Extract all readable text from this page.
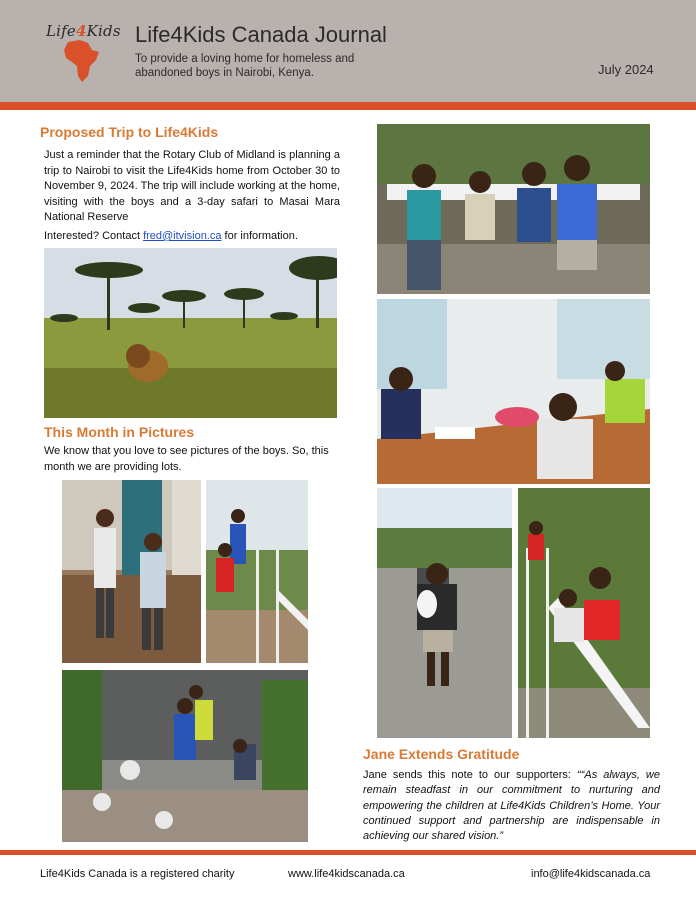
Life4Kids Life4Kids Canada Journal
To provide a loving home for homeless and abandoned boys in Nairobi, Kenya.	July 2024
Proposed Trip to Life4Kids
Just a reminder that the Rotary Club of Midland is planning a trip to Nairobi to visit the Life4Kids home from October 30 to November 9, 2024. The trip will include working at the home, visiting with the boys and a 3-day safari to Masai Mara National Reserve
Interested? Contact fred@itvision.ca for information.
This Month in Pictures
We know that you love to see pictures of the boys. So, this month we are providing lots.
Jane Extends Gratitude
Jane sends this note to our supporters: ““As always, we remain steadfast in our commitment to nurturing and empowering the children at Life4Kids Children’s Home. Your continued support and partnership are indispensable in achieving our shared vision.”
Life4Kids Canada is a registered charity	www.life4kidscanada.ca	info@life4kidscanada.ca
